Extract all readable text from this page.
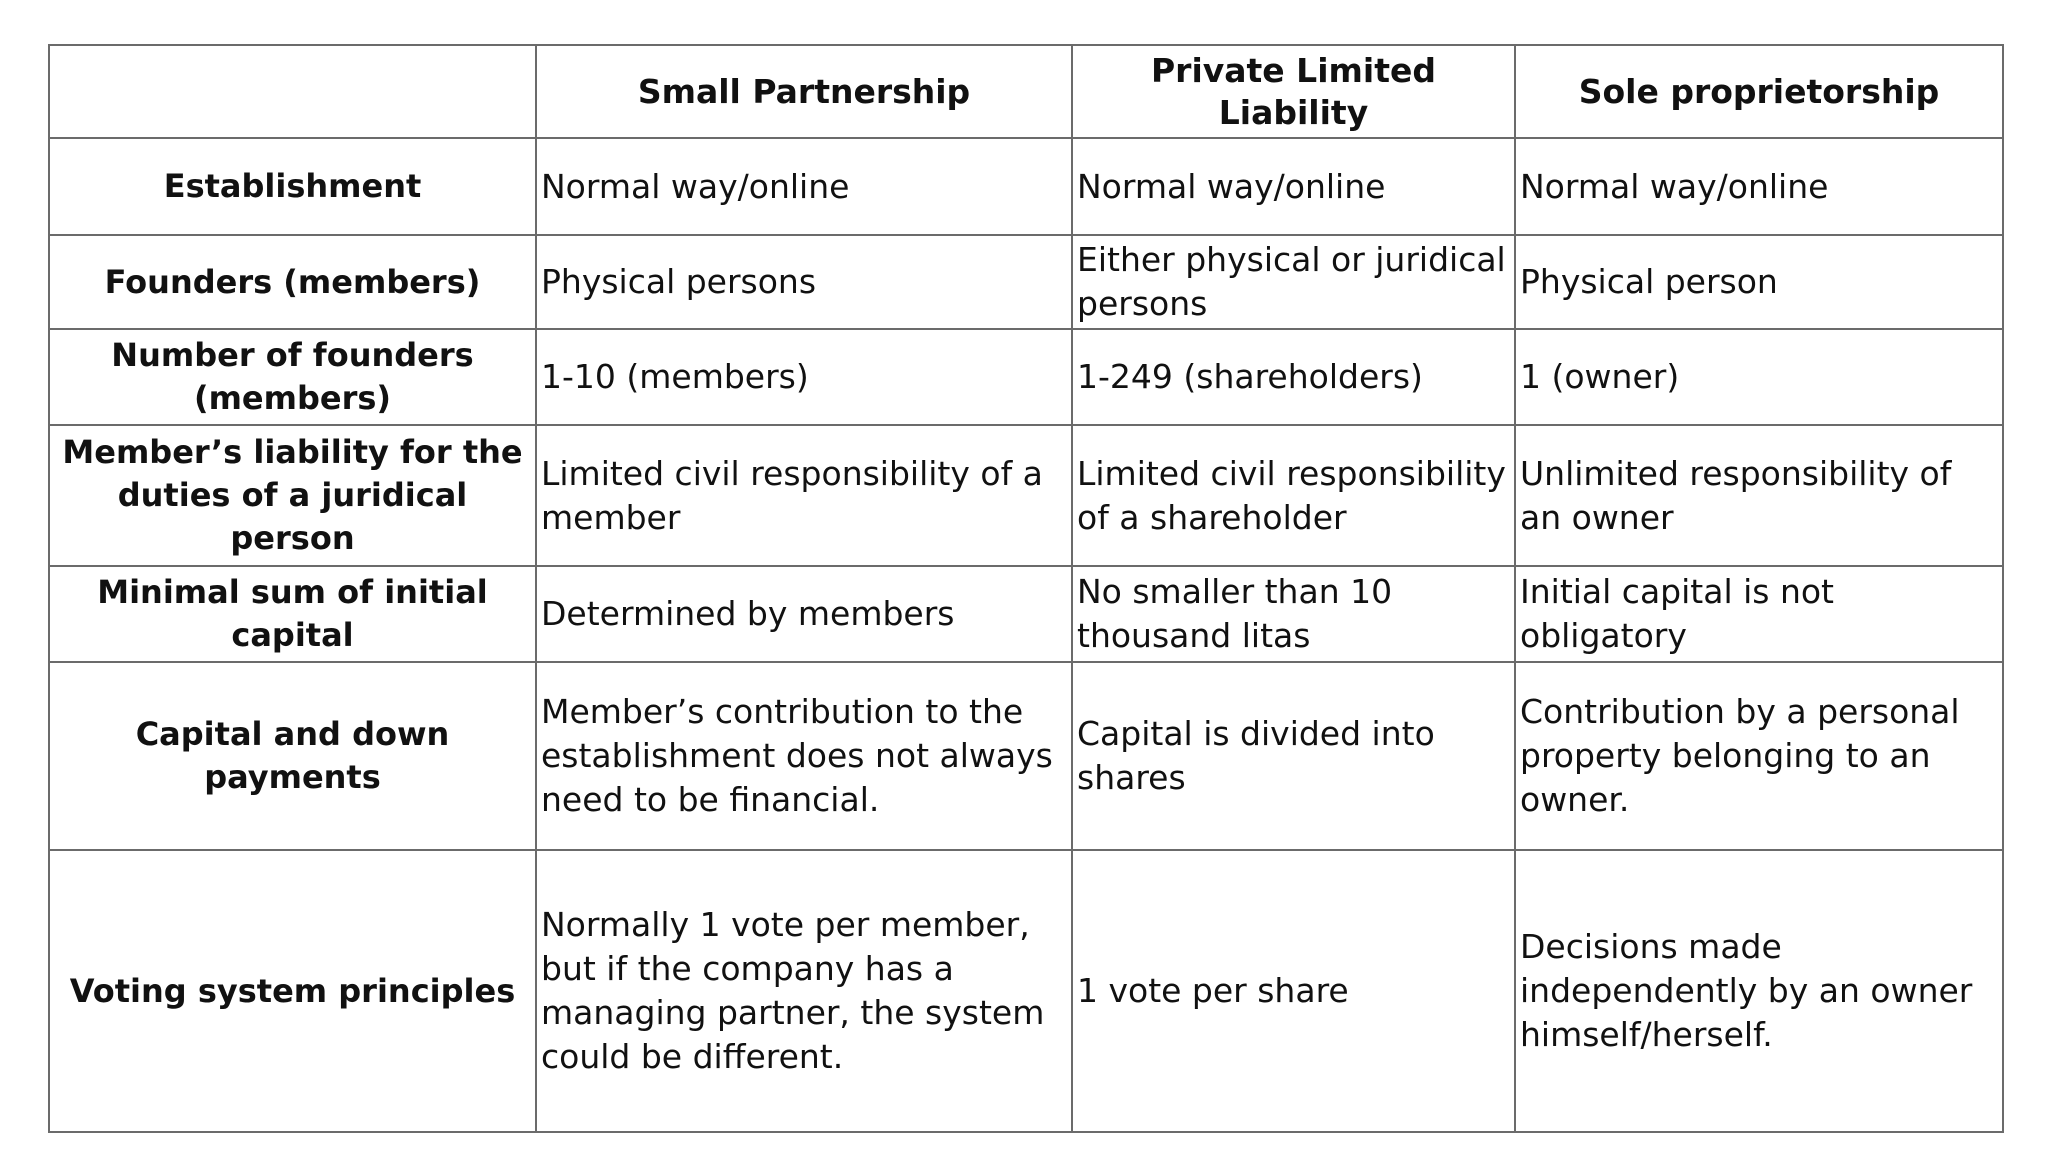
	Small Partnership	Private Limited Liability	Sole proprietorship
Establishment	Normal way/online	Normal way/online	Normal way/online
Founders (members)	Physical persons	Either physical or juridical persons	Physical person
Number of founders (members)	1-10 (members)	1-249 (shareholders)	1 (owner)
Member’s liability for the duties of a juridical person	Limited civil responsibility of a member	Limited civil responsibility of a shareholder	Unlimited responsibility of an owner
Minimal sum of initial capital	Determined by members	No smaller than 10 thousand litas	Initial capital is not obligatory
Capital and down payments	Member’s contribution to the establishment does not always need to be financial.	Capital is divided into shares	Contribution by a personal property belonging to an owner.
Voting system principles	Normally 1 vote per member, but if the company has a managing partner, the system could be different.	1 vote per share	Decisions made independently by an owner himself/herself.
